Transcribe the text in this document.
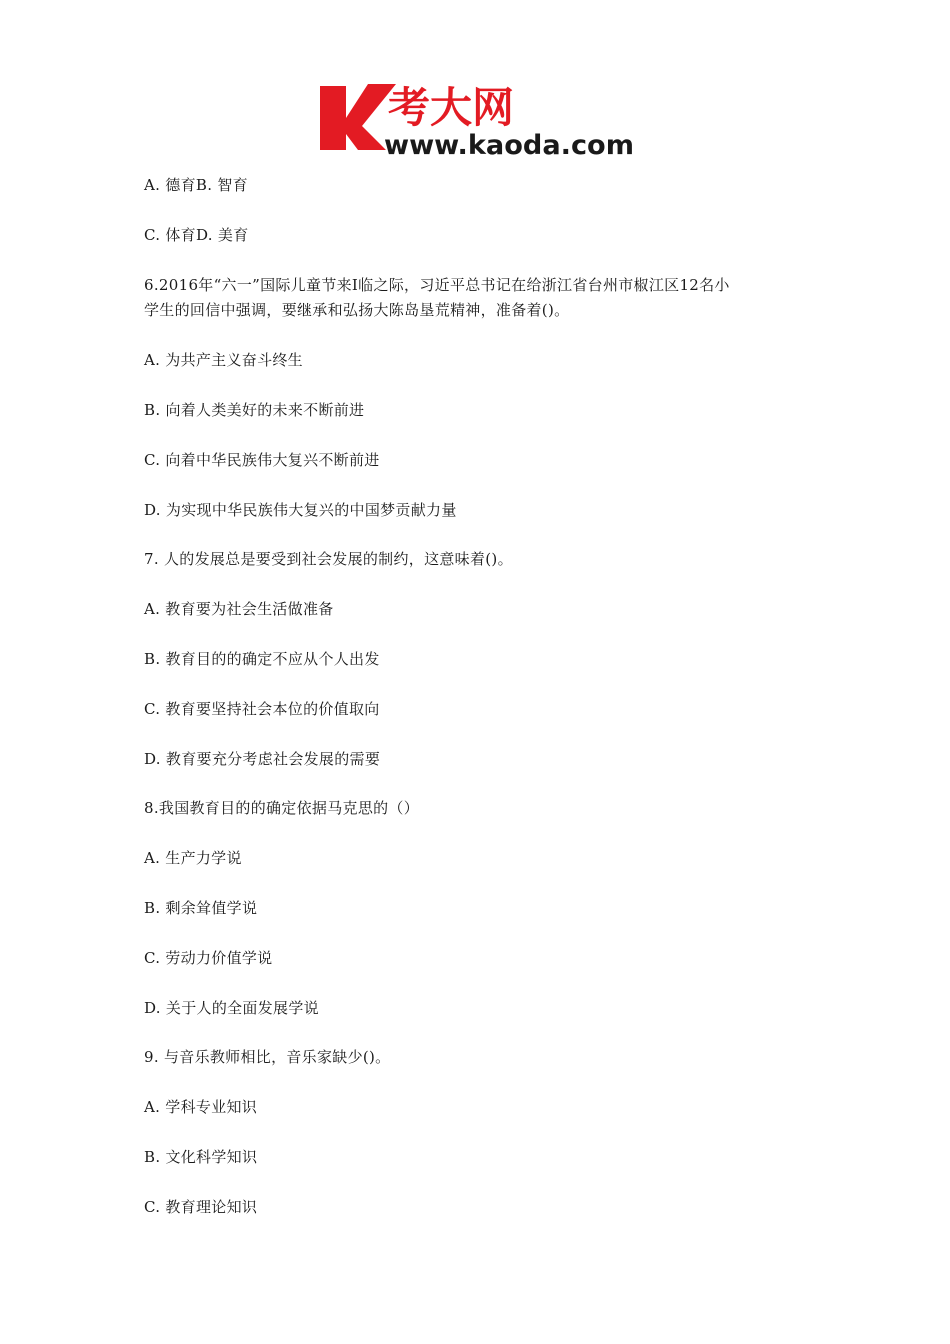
考大网
www.kaoda.com

A. 德育B. 智育

C. 体育D. 美育

6.2016年“六一”国际儿童节来I临之际，习近平总书记在给浙江省台州市椒江区12名小

学生的回信中强调，要继承和弘扬大陈岛垦荒精神，准备着()。

A. 为共产主义奋斗终生

B. 向着人类美好的未来不断前进

C. 向着中华民族伟大复兴不断前进

D. 为实现中华民族伟大复兴的中国梦贡献力量

7. 人的发展总是要受到社会发展的制约，这意味着()。

A. 教育要为社会生活做准备

B. 教育目的的确定不应从个人出发

C. 教育要坚持社会本位的价值取向

D. 教育要充分考虑社会发展的需要

8.我国教育目的的确定依据马克思的（）

A. 生产力学说

B. 剩余耸值学说

C. 劳动力价值学说

D. 关于人的全面发展学说

9. 与音乐教师相比，音乐家缺少()。

A. 学科专业知识

B. 文化科学知识

C. 教育理论知识
